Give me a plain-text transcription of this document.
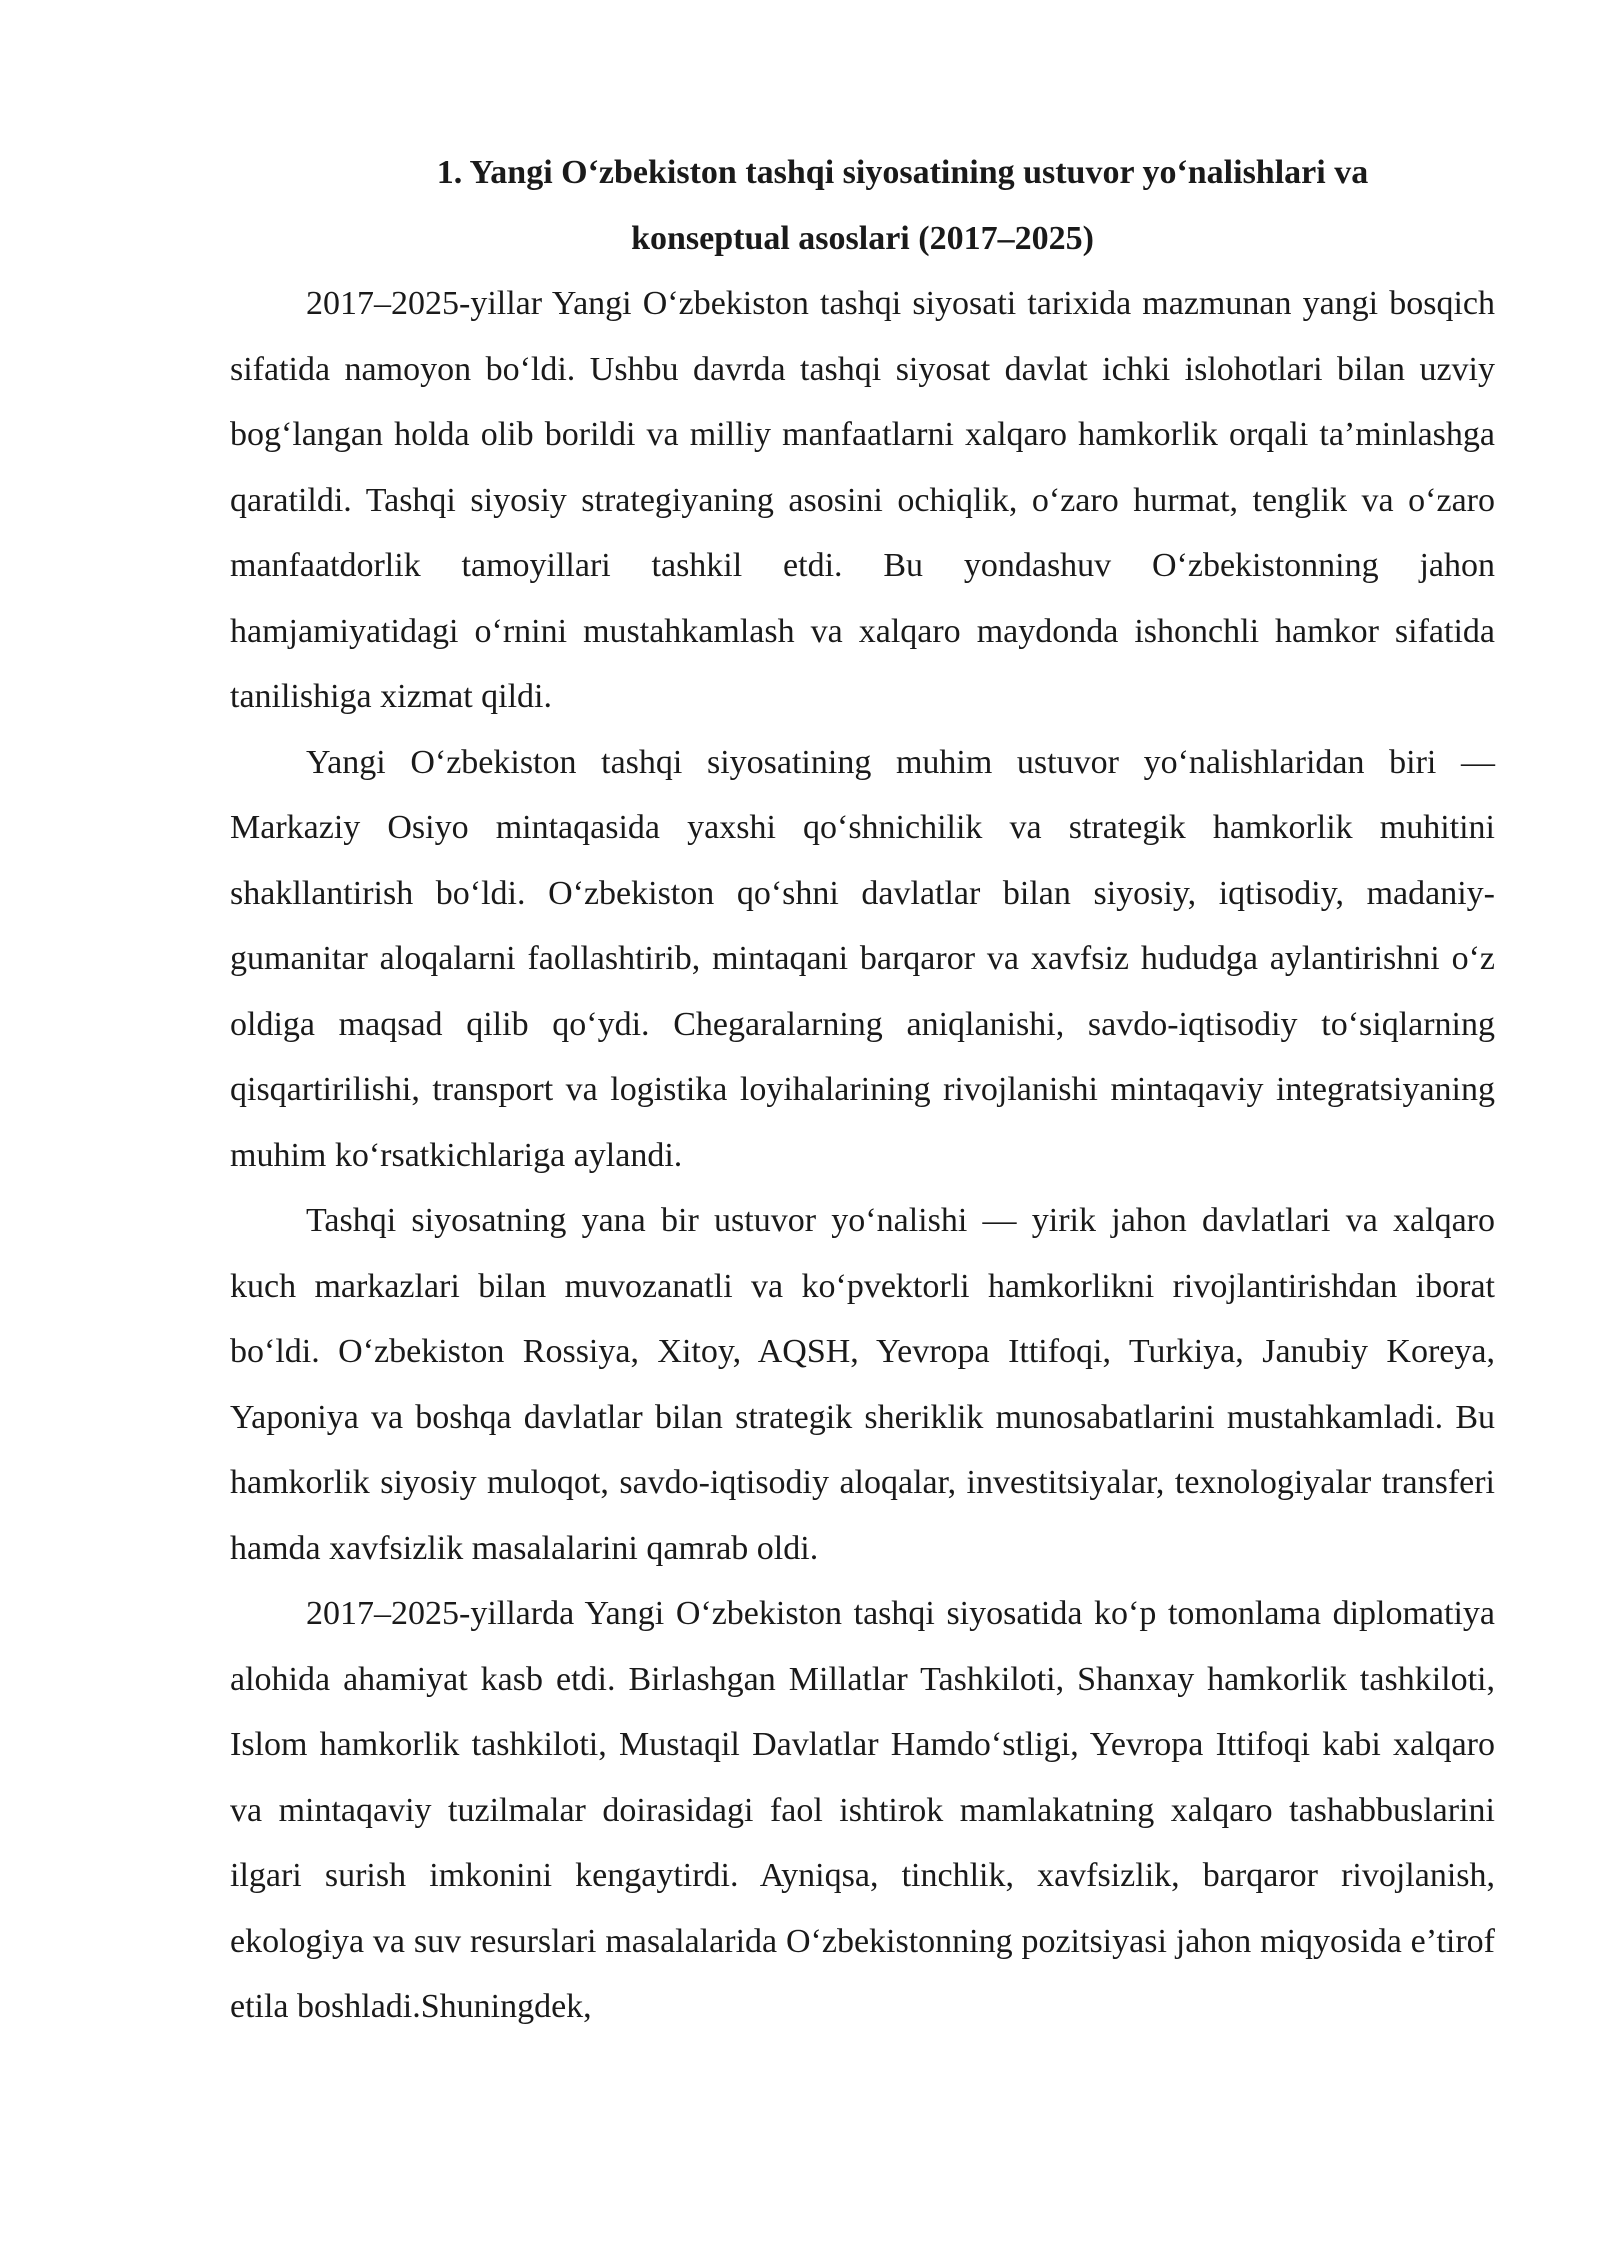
1. Yangi O‘zbekiston tashqi siyosatining ustuvor yo‘nalishlari va
konseptual asoslari (2017–2025)

2017–2025-yillar Yangi O‘zbekiston tashqi siyosati tarixida mazmunan yangi bosqich sifatida namoyon bo‘ldi. Ushbu davrda tashqi siyosat davlat ichki islohotlari bilan uzviy bog‘langan holda olib borildi va milliy manfaatlarni xalqaro hamkorlik orqali ta’minlashga qaratildi. Tashqi siyosiy strategiyaning asosini ochiqlik, o‘zaro hurmat, tenglik va o‘zaro manfaatdorlik tamoyillari tashkil etdi. Bu yondashuv O‘zbekistonning jahon hamjamiyatidagi o‘rnini mustahkamlash va xalqaro maydonda ishonchli hamkor sifatida tanilishiga xizmat qildi.

Yangi O‘zbekiston tashqi siyosatining muhim ustuvor yo‘nalishlaridan biri — Markaziy Osiyo mintaqasida yaxshi qo‘shnichilik va strategik hamkorlik muhitini shakllantirish bo‘ldi. O‘zbekiston qo‘shni davlatlar bilan siyosiy, iqtisodiy, madaniy-gumanitar aloqalarni faollashtirib, mintaqani barqaror va xavfsiz hududga aylantirishni o‘z oldiga maqsad qilib qo‘ydi. Chegaralarning aniqlanishi, savdo-iqtisodiy to‘siqlarning qisqartirilishi, transport va logistika loyihalarining rivojlanishi mintaqaviy integratsiyaning muhim ko‘rsatkichlariga aylandi.

Tashqi siyosatning yana bir ustuvor yo‘nalishi — yirik jahon davlatlari va xalqaro kuch markazlari bilan muvozanatli va ko‘pvektorli hamkorlikni rivojlantirishdan iborat bo‘ldi. O‘zbekiston Rossiya, Xitoy, AQSH, Yevropa Ittifoqi, Turkiya, Janubiy Koreya, Yaponiya va boshqa davlatlar bilan strategik sheriklik munosabatlarini mustahkamladi. Bu hamkorlik siyosiy muloqot, savdo-iqtisodiy aloqalar, investitsiyalar, texnologiyalar transferi hamda xavfsizlik masalalarini qamrab oldi.

2017–2025-yillarda Yangi O‘zbekiston tashqi siyosatida ko‘p tomonlama diplomatiya alohida ahamiyat kasb etdi. Birlashgan Millatlar Tashkiloti, Shanxay hamkorlik tashkiloti, Islom hamkorlik tashkiloti, Mustaqil Davlatlar Hamdo‘stligi, Yevropa Ittifoqi kabi xalqaro va mintaqaviy tuzilmalar doirasidagi faol ishtirok mamlakatning xalqaro tashabbuslarini ilgari surish imkonini kengaytirdi. Ayniqsa, tinchlik, xavfsizlik, barqaror rivojlanish, ekologiya va suv resurslari masalalarida O‘zbekistonning pozitsiyasi jahon miqyosida e’tirof etila boshladi.Shuningdek,
